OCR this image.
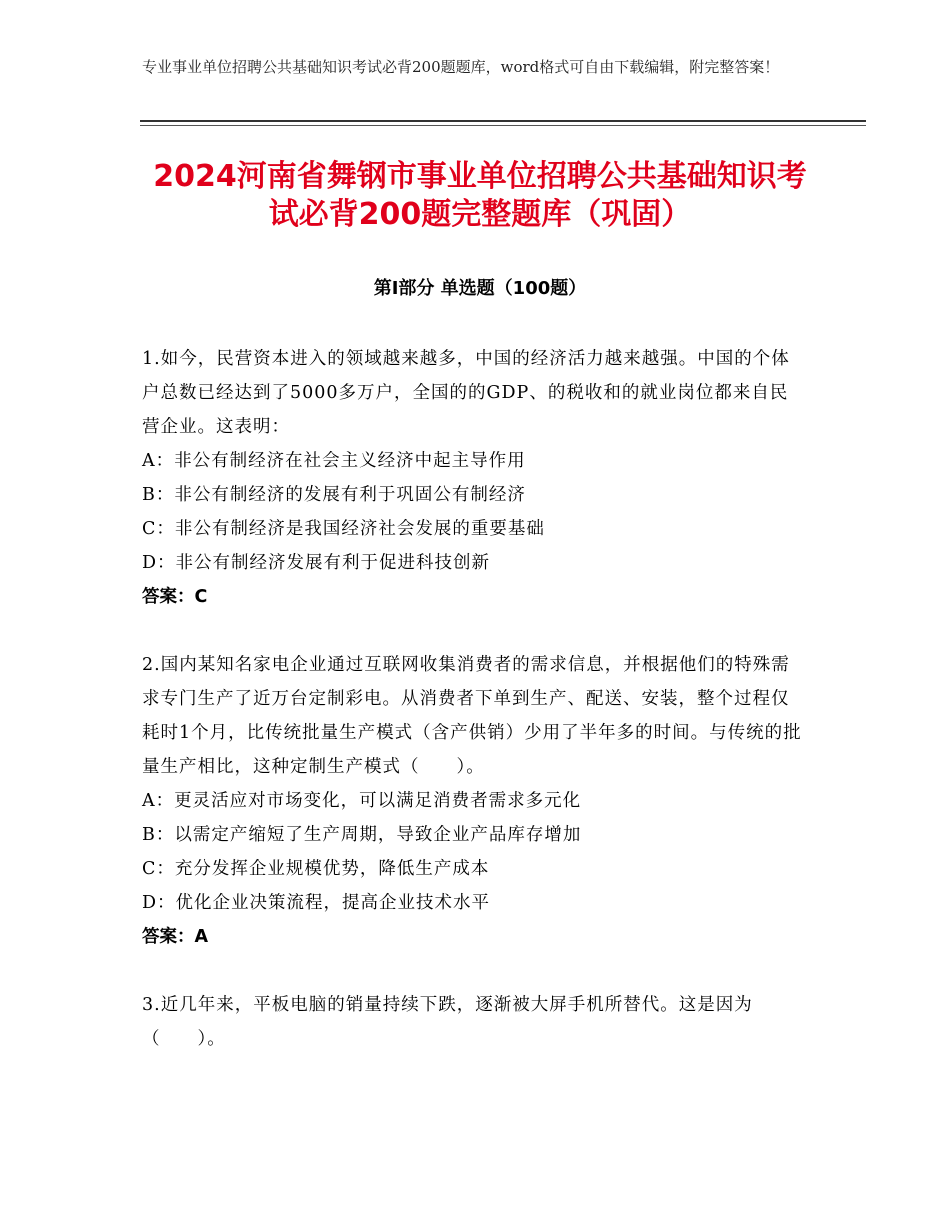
专业事业单位招聘公共基础知识考试必背200题题库，word格式可自由下载编辑，附完整答案！
2024河南省舞钢市事业单位招聘公共基础知识考试必背200题完整题库（巩固）
第Ⅰ部分 单选题（100题）
1.如今，民营资本进入的领域越来越多，中国的经济活力越来越强。中国的个体户总数已经达到了5000多万户，全国的的GDP、的税收和的就业岗位都来自民营企业。这表明：
A：非公有制经济在社会主义经济中起主导作用
B：非公有制经济的发展有利于巩固公有制经济
C：非公有制经济是我国经济社会发展的重要基础
D：非公有制经济发展有利于促进科技创新
答案：C
2.国内某知名家电企业通过互联网收集消费者的需求信息，并根据他们的特殊需求专门生产了近万台定制彩电。从消费者下单到生产、配送、安装，整个过程仅耗时1个月，比传统批量生产模式（含产供销）少用了半年多的时间。与传统的批量生产相比，这种定制生产模式（　　）。
A：更灵活应对市场变化，可以满足消费者需求多元化
B：以需定产缩短了生产周期，导致企业产品库存增加
C：充分发挥企业规模优势，降低生产成本
D：优化企业决策流程，提高企业技术水平
答案：A
3.近几年来，平板电脑的销量持续下跌，逐渐被大屏手机所替代。这是因为（　　）。
